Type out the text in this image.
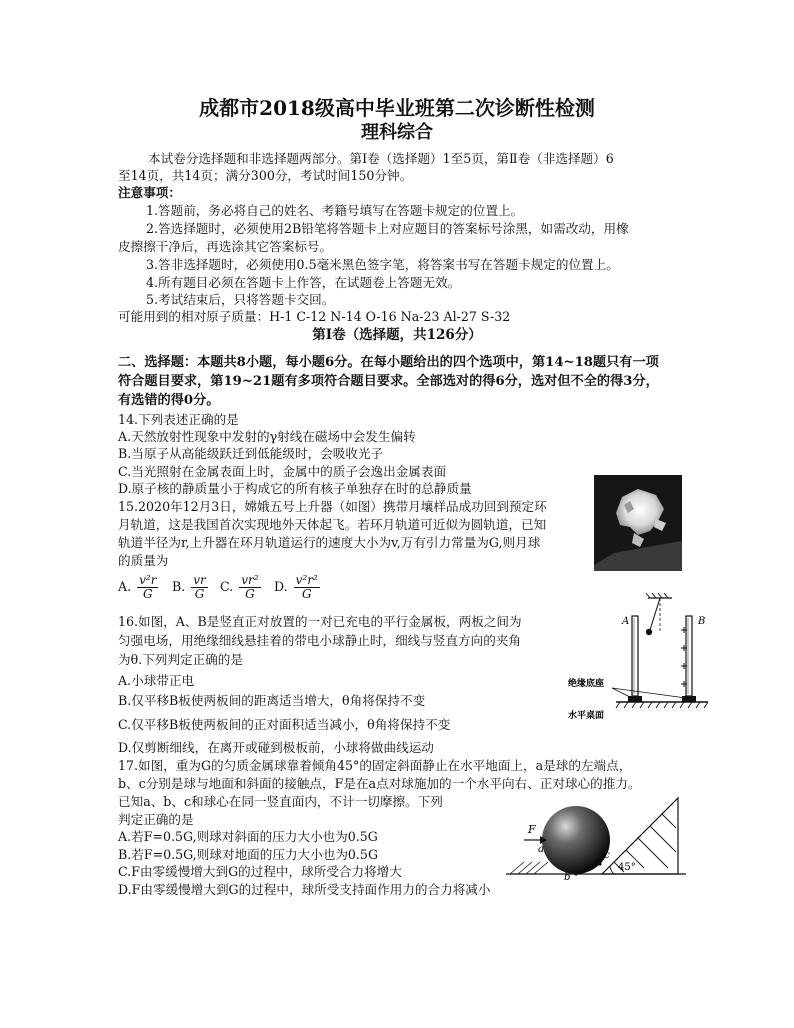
成都市2018级高中毕业班第二次诊断性检测
理科综合
本试卷分选择题和非选择题两部分。第Ⅰ卷（选择题）1至5页，第Ⅱ卷（非选择题）6
至14页，共14页；满分300分，考试时间150分钟。
注意事项：
1.答题前，务必将自己的姓名、考籍号填写在答题卡规定的位置上。
2.答选择题时，必须使用2B铅笔将答题卡上对应题目的答案标号涂黑，如需改动，用橡
皮擦擦干净后，再选涂其它答案标号。
3.答非选择题时，必须使用0.5毫米黑色签字笔，将答案书写在答题卡规定的位置上。
4.所有题目必须在答题卡上作答，在试题卷上答题无效。
5.考试结束后，只将答题卡交回。
可能用到的相对原子质量：H-1 C-12 N-14 O-16 Na-23 Al-27 S-32
第Ⅰ卷（选择题，共126分）
二、选择题：本题共8小题，每小题6分。在每小题给出的四个选项中，第14~18题只有一项
符合题目要求，第19~21题有多项符合题目要求。全部选对的得6分，选对但不全的得3分，
有选错的得0分。
14.下列表述正确的是
A.天然放射性现象中发射的γ射线在磁场中会发生偏转
B.当原子从高能级跃迁到低能级时，会吸收光子
C.当光照射在金属表面上时，金属中的质子会逸出金属表面
D.原子核的静质量小于构成它的所有核子单独存在时的总静质量
15.2020年12月3日，嫦娥五号上升器（如图）携带月壤样品成功回到预定环
月轨道，这是我国首次实现地外天体起飞。若环月轨道可近似为圆轨道，已知
轨道半径为r,上升器在环月轨道运行的速度大小为v,万有引力常量为G,则月球
的质量为
A. $\frac{\text{v²r}}{G} B$. $\frac{vr}{G} C$. $\frac{\text{vr²}}{G} D$. $\frac{\text{v²r²}}{G}$
16.如图，A、B是竖直正对放置的一对已充电的平行金属板，两板之间为
匀强电场，用绝缘细线悬挂着的带电小球静止时，细线与竖直方向的夹角
为θ.下列判定正确的是
A.小球带正电
B.仅平移B板使两板间的距离适当增大，θ角将保持不变
C.仅平移B板使两板间的正对面积适当减小，θ角将保持不变
D.仅剪断细线，在离开或碰到极板前，小球将做曲线运动
A	B
绝缘底座
水平桌面
17.如图，重为G的匀质金属球靠着倾角45°的固定斜面静止在水平地面上，a是球的左端点，
b、c分别是球与地面和斜面的接触点，F是在a点对球施加的一个水平向右、正对球心的推力。
已知a、b、c和球心在同一竖直面内，不计一切摩擦。下列
判定正确的是
A.若F=0.5G,则球对斜面的压力大小也为0.5G
B.若F=0.5G,则球对地面的压力大小也为0.5G
C.F由零缓慢增大到G的过程中，球所受合力将增大
D.F由零缓慢增大到G的过程中，球所受支持面作用力的合力将减小
F
a
b
c
45°
